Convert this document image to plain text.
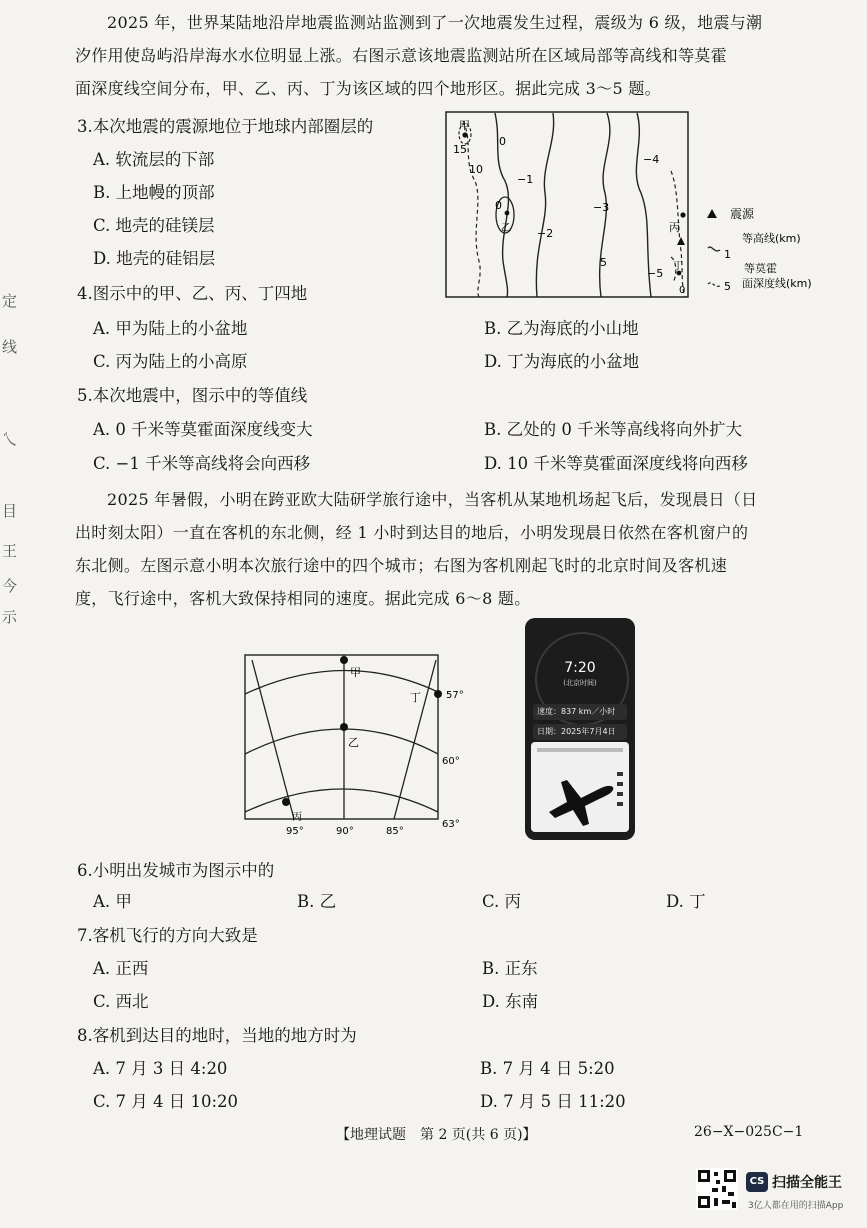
定
线
乀
目
王
今
示
2025 年，世界某陆地沿岸地震监测站监测到了一次地震发生过程，震级为 6 级，地震与潮
汐作用使岛屿沿岸海水水位明显上涨。右图示意该地震监测站所在区域局部等高线和等莫霍
面深度线空间分布，甲、乙、丙、丁为该区域的四个地形区。据此完成 3～5 题。
3.本次地震的震源地位于地球内部圈层的
A. 软流层的下部
B. 上地幔的顶部
C. 地壳的硅镁层
D. 地壳的硅铝层
甲
乙	丙
丁
15
10
0
−1
0
−2
−3
−4
5
−5
0
震源
1
等高线(km)
5
等莫霍
面深度线(km)
4.图示中的甲、乙、丙、丁四地
A. 甲为陆上的小盆地	B. 乙为海底的小山地
C. 丙为陆上的小高原	D. 丁为海底的小盆地
5.本次地震中，图示中的等值线
A. 0 千米等莫霍面深度线变大	B. 乙处的 0 千米等高线将向外扩大
C. −1 千米等高线将会向西移	D. 10 千米等莫霍面深度线将向西移
2025 年暑假，小明在跨亚欧大陆研学旅行途中，当客机从某地机场起飞后，发现晨日（日
出时刻太阳）一直在客机的东北侧，经 1 小时到达目的地后，小明发现晨日依然在客机窗户的
东北侧。左图示意小明本次旅行途中的四个城市；右图为客机刚起飞时的北京时间及客机速
度，飞行途中，客机大致保持相同的速度。据此完成 6～8 题。
甲
乙
丙
丁	57°
60°
63°
95°	90°	85°
7:20
(北京时间)
速度：837 km／小时
日期：2025年7月4日
6.小明出发城市为图示中的
A. 甲	B. 乙	C. 丙	D. 丁
7.客机飞行的方向大致是
A. 正西	B. 正东
C. 西北	D. 东南
8.客机到达目的地时，当地的地方时为
A. 7 月 3 日 4:20	B. 7 月 4 日 5:20
C. 7 月 4 日 10:20	D. 7 月 5 日 11:20
【地理试题　第 2 页(共 6 页)】	26−X−025C−1
CS 扫描全能王
3亿人都在用的扫描App
